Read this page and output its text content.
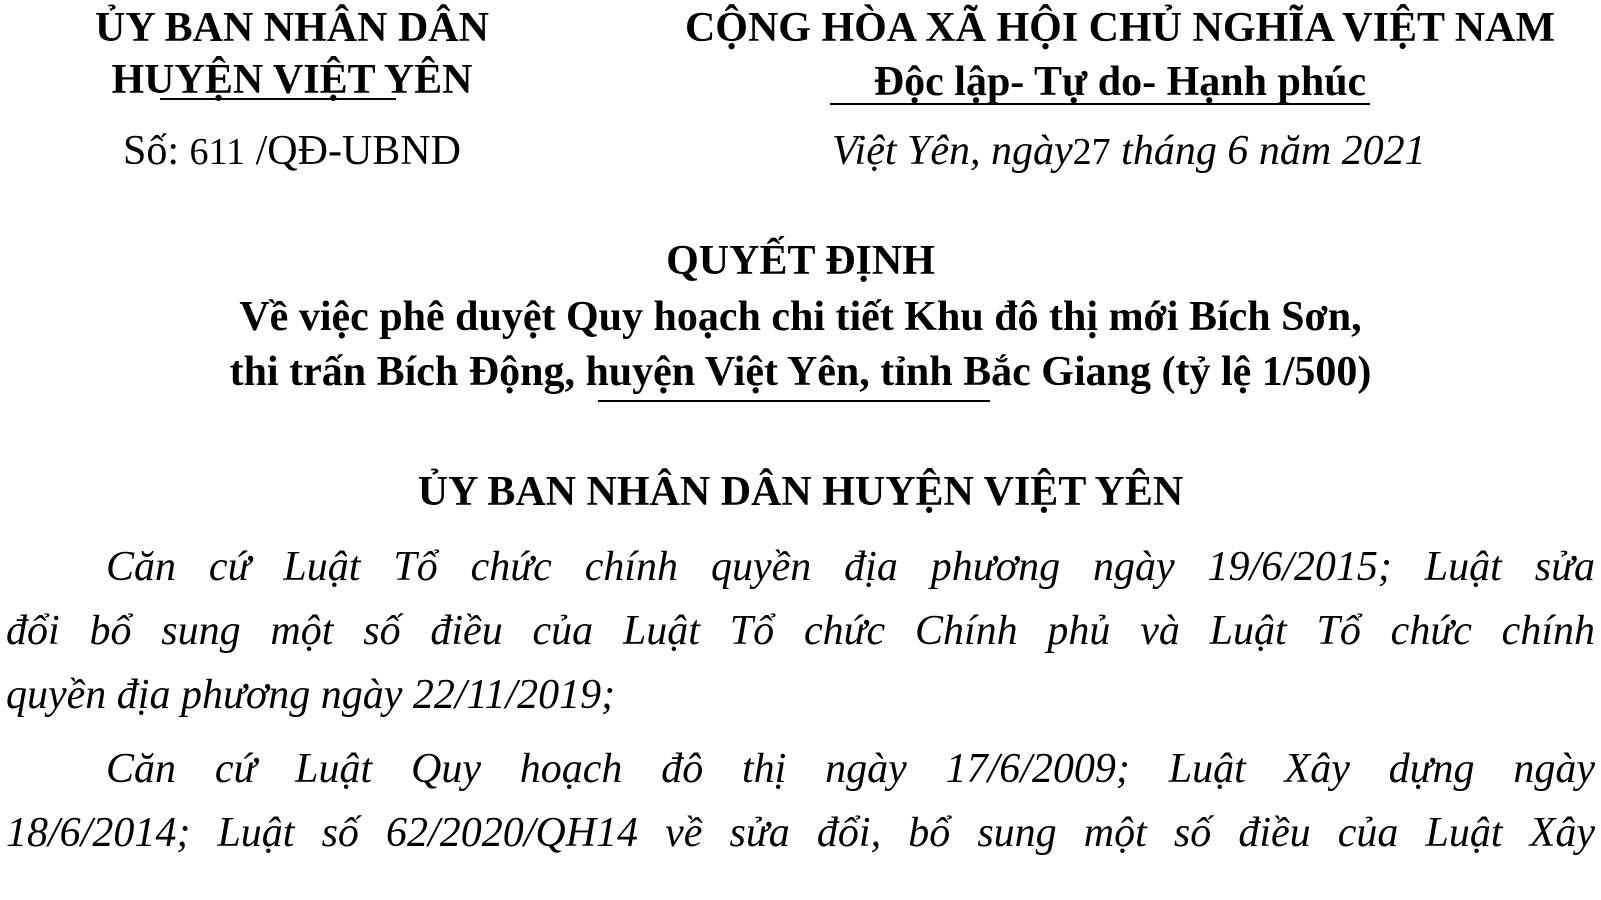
ỦY BAN NHÂN DÂN
HUYỆN VIỆT YÊN
Số: 611 /QĐ-UBND
CỘNG HÒA XÃ HỘI CHỦ NGHĨA VIỆT NAM
Độc lập- Tự do- Hạnh phúc
Việt Yên, ngày27 tháng 6 năm 2021
QUYẾT ĐỊNH
Về việc phê duyệt Quy hoạch chi tiết Khu đô thị mới Bích Sơn,
thi trấn Bích Động, huyện Việt Yên, tỉnh Bắc Giang (tỷ lệ 1/500)
ỦY BAN NHÂN DÂN HUYỆN VIỆT YÊN
Căn cứ Luật Tổ chức chính quyền địa phương ngày 19/6/2015; Luật sửa
đổi bổ sung một số điều của Luật Tổ chức Chính phủ và Luật Tổ chức chính
quyền địa phương ngày 22/11/2019;
Căn cứ Luật Quy hoạch đô thị ngày 17/6/2009; Luật Xây dựng ngày
18/6/2014; Luật số 62/2020/QH14 về sửa đổi, bổ sung một số điều của Luật Xây
